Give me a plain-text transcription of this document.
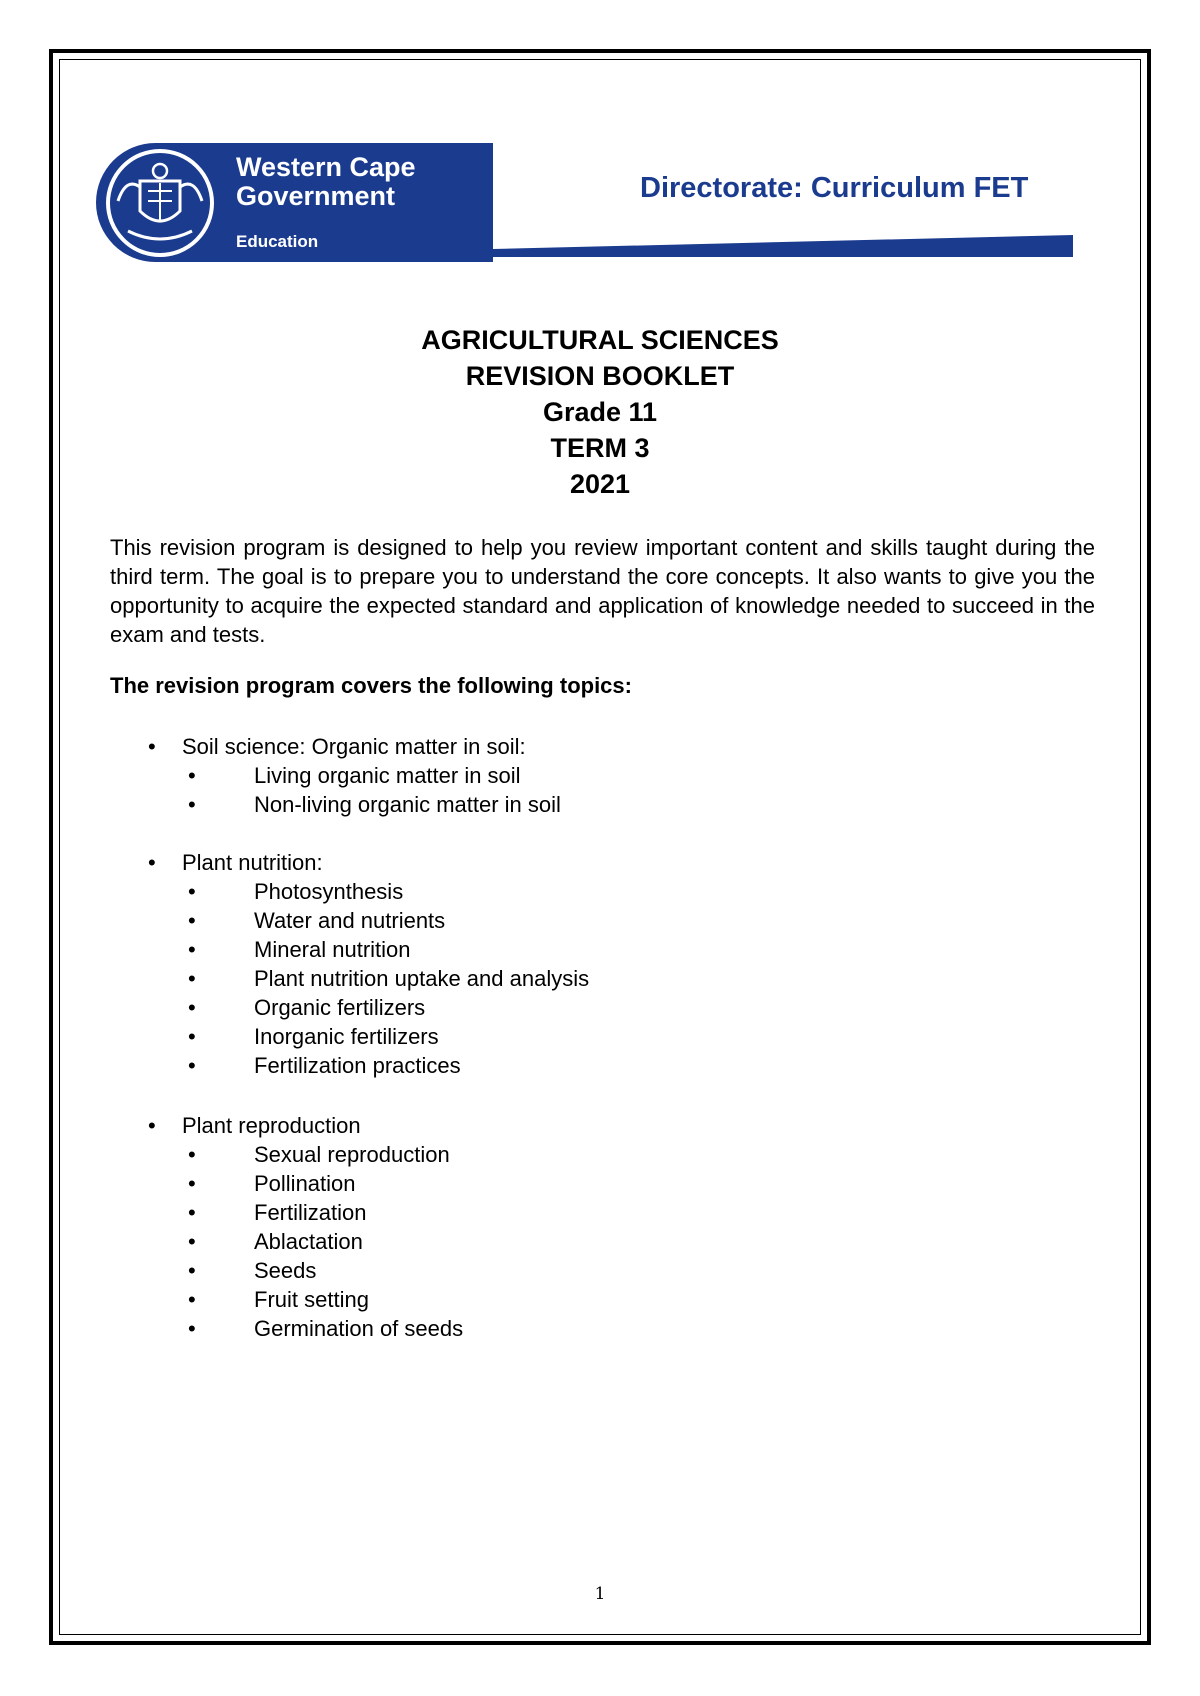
Western Cape
Government
Education
Directorate: Curriculum FET
AGRICULTURAL SCIENCES
REVISION BOOKLET
Grade 11
TERM 3
2021

This revision program is designed to help you review important content and skills taught during the third term. The goal is to prepare you to understand the core concepts. It also wants to give you the opportunity to acquire the expected standard and application of knowledge needed to succeed in the exam and tests.

The revision program covers the following topics:

• Soil science: Organic matter in soil:
• Living organic matter in soil
• Non-living organic matter in soil
• Plant nutrition:
• Photosynthesis
• Water and nutrients
• Mineral nutrition
• Plant nutrition uptake and analysis
• Organic fertilizers
• Inorganic fertilizers
• Fertilization practices
• Plant reproduction
• Sexual reproduction
• Pollination
• Fertilization
• Ablactation
• Seeds
• Fruit setting
• Germination of seeds
1
